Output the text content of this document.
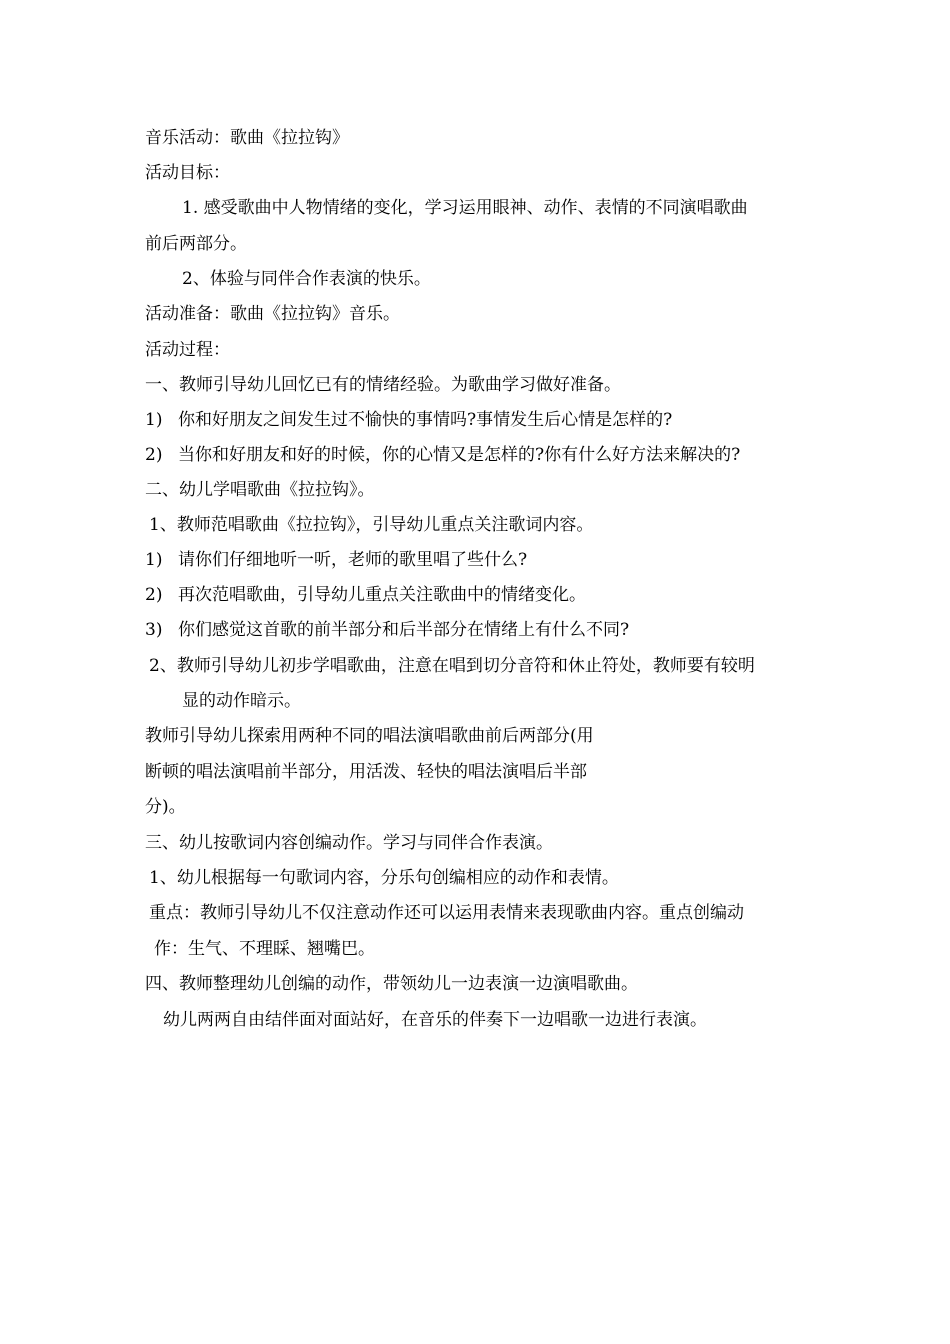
音乐活动：歌曲《拉拉钩》
活动目标：
1. 感受歌曲中人物情绪的变化，学习运用眼神、动作、表情的不同演唱歌曲
前后两部分。
2、体验与同伴合作表演的快乐。
活动准备：歌曲《拉拉钩》音乐。
活动过程：
一、教师引导幼儿回忆已有的情绪经验。为歌曲学习做好准备。
1) 你和好朋友之间发生过不愉快的事情吗?事情发生后心情是怎样的?
2) 当你和好朋友和好的时候，你的心情又是怎样的?你有什么好方法来解决的?
二、幼儿学唱歌曲《拉拉钩》。
1、教师范唱歌曲《拉拉钩》，引导幼儿重点关注歌词内容。
1) 请你们仔细地听一听，老师的歌里唱了些什么?
2) 再次范唱歌曲，引导幼儿重点关注歌曲中的情绪变化。
3) 你们感觉这首歌的前半部分和后半部分在情绪上有什么不同?
2、教师引导幼儿初步学唱歌曲，注意在唱到切分音符和休止符处，教师要有较明
显的动作暗示。
教师引导幼儿探索用两种不同的唱法演唱歌曲前后两部分(用
断顿的唱法演唱前半部分，用活泼、轻快的唱法演唱后半部
分)。
三、幼儿按歌词内容创编动作。学习与同伴合作表演。
1、幼儿根据每一句歌词内容，分乐句创编相应的动作和表情。
重点：教师引导幼儿不仅注意动作还可以运用表情来表现歌曲内容。重点创编动
作：生气、不理睬、翘嘴巴。
四、教师整理幼儿创编的动作，带领幼儿一边表演一边演唱歌曲。
幼儿两两自由结伴面对面站好，在音乐的伴奏下一边唱歌一边进行表演。
